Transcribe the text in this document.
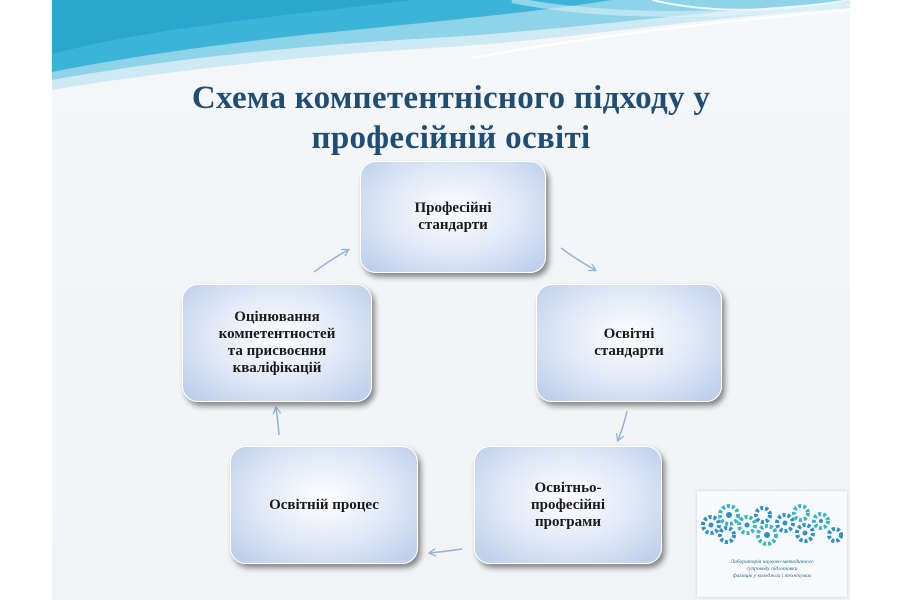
Схема компетентнісного підходу у
професійній освіті
Професійні
стандарти
Освітні
стандарти
Освітньо-
професійні
програми
Освітній процес
Оцінювання
компетентностей
та присвоєння
кваліфікацій
Лабораторія науково-методичного
супроводу підготовки
фахівців у коледжах і технікумах
